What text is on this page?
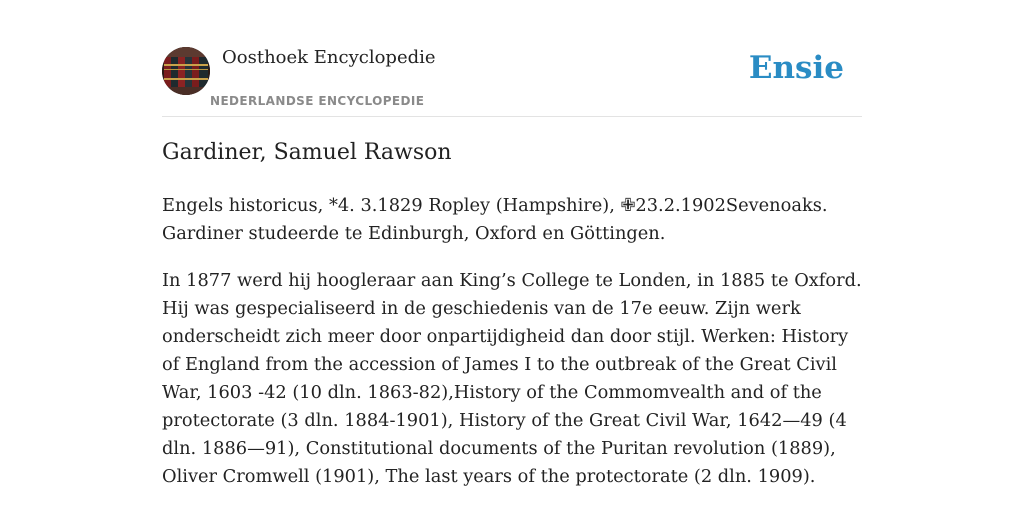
Oosthoek Encyclopedie
NEDERLANDSE ENCYCLOPEDIE
Ensie
Gardiner, Samuel Rawson

Engels historicus, *4. 3.1829 Ropley (Hampshire), ✙23.2.1902Sevenoaks. Gardiner studeerde te Edinburgh, Oxford en Göttingen.

In 1877 werd hij hoogleraar aan King’s College te Londen, in 1885 te Oxford. Hij was gespecialiseerd in de geschiedenis van de 17e eeuw. Zijn werk onderscheidt zich meer door onpartijdigheid dan door stijl. Werken: History of England from the accession of James I to the outbreak of the Great Civil War, 1603 -42 (10 dln. 1863-82),History of the Commomvealth and of the protectorate (3 dln. 1884-1901), History of the Great Civil War, 1642—49 (4 dln. 1886—91), Constitutional documents of the Puritan revolution (1889), Oliver Cromwell (1901), The last years of the protectorate (2 dln. 1909).
